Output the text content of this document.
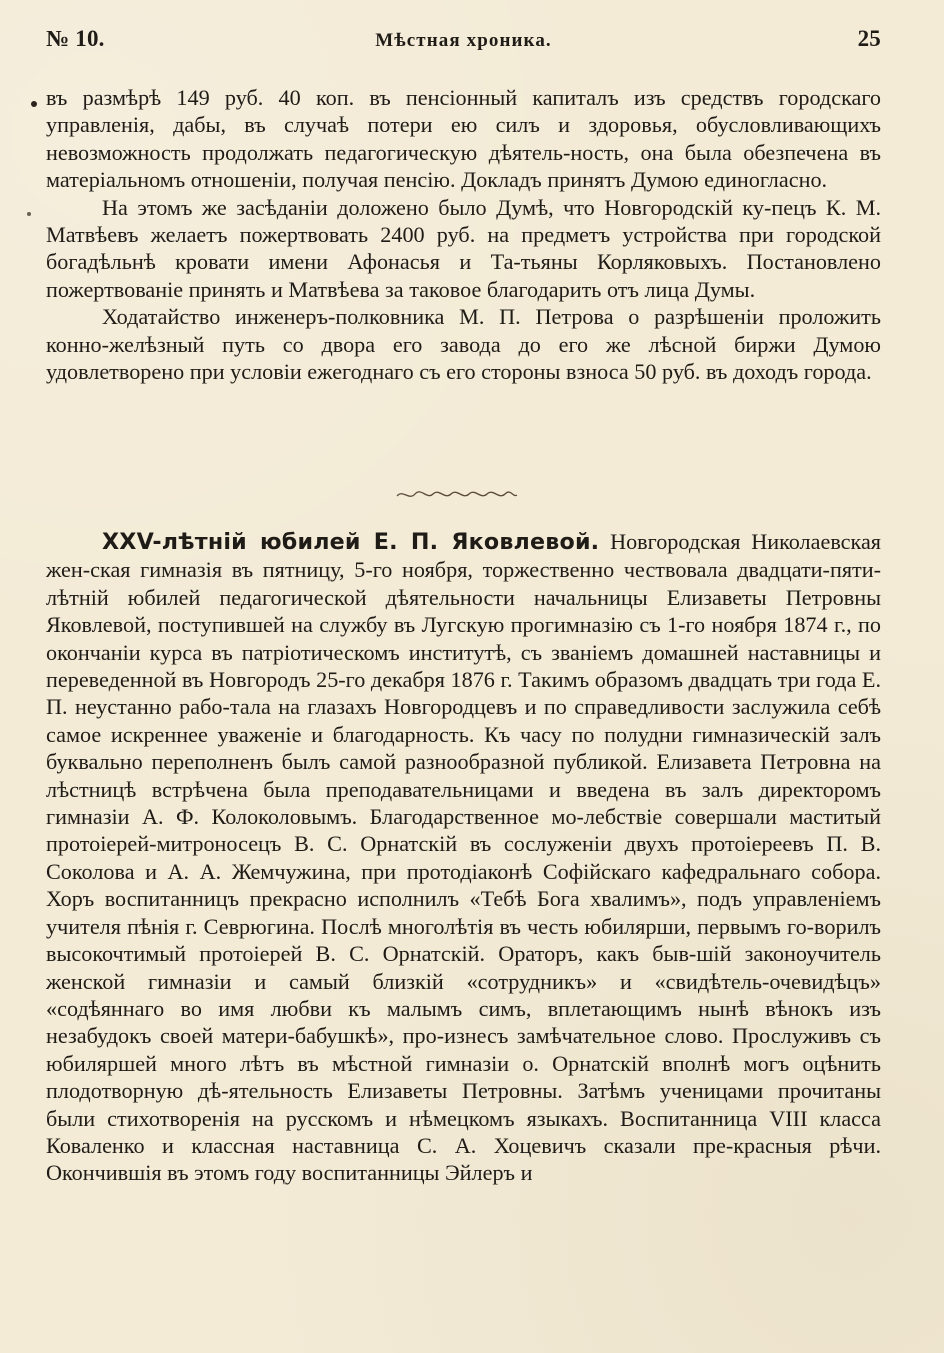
№ 10.	Мѣстная хроника.	25

въ размѣрѣ 149 руб. 40 коп. въ пенсіонный капиталъ изъ средствъ городскаго управленія, дабы, въ случаѣ потери ею силъ и здоровья, обусловливающихъ невозможность продолжать педагогическую дѣятель-ность, она была обезпечена въ матеріальномъ отношеніи, получая пенсію. Докладъ принятъ Думою единогласно.

На этомъ же засѣданіи доложено было Думѣ, что Новгородскій ку-пецъ К. М. Матвѣевъ желаетъ пожертвовать 2400 руб. на предметъ устройства при городской богадѣльнѣ кровати имени Афонасья и Та-тьяны Корляковыхъ. Постановлено пожертвованіе принять и Матвѣева за таковое благодарить отъ лица Думы.

Ходатайство инженеръ-полковника М. П. Петрова о разрѣшеніи проложить конно-желѣзный путь со двора его завода до его же лѣсной биржи Думою удовлетворено при условіи ежегоднаго съ его стороны взноса 50 руб. въ доходъ города.

XXV-лѣтній юбилей Е. П. Яковлевой. Новгородская Николаевская жен-ская гимназія въ пятницу, 5-го ноября, торжественно чествовала двадцати-пяти-лѣтній юбилей педагогической дѣятельности начальницы Елизаветы Петровны Яковлевой, поступившей на службу въ Лугскую прогимназію съ 1-го ноября 1874 г., по окончаніи курса въ патріотическомъ институтѣ, съ званіемъ домашней наставницы и переведенной въ Новгородъ 25-го декабря 1876 г. Такимъ образомъ двадцать три года Е. П. неустанно рабо-тала на глазахъ Новгородцевъ и по справедливости заслужила себѣ самое искреннее уваженіе и благодарность. Къ часу по полудни гимназическій залъ буквально переполненъ былъ самой разнообразной публикой. Елизавета Петровна на лѣстницѣ встрѣчена была преподавательницами и введена въ залъ директоромъ гимназіи А. Ф. Колоколовымъ. Благодарственное мо-лебствіе совершали маститый протоіерей-митроносецъ В. С. Орнатскій въ сослуженіи двухъ протоіереевъ П. В. Соколова и А. А. Жемчужина, при протодіаконѣ Софійскаго кафедральнаго собора. Хоръ воспитанницъ прекрасно исполнилъ «Тебѣ Бога хвалимъ», подъ управленіемъ учителя пѣнія г. Севрюгина. Послѣ многолѣтія въ честь юбилярши, первымъ го-ворилъ высокочтимый протоіерей В. С. Орнатскій. Ораторъ, какъ быв-шій законоучитель женской гимназіи и самый близкій «сотрудникъ» и «свидѣтель-очевидѣцъ» «содѣяннаго во имя любви къ малымъ симъ, вплетающимъ нынѣ вѣнокъ изъ незабудокъ своей матери-бабушкѣ», про-изнесъ замѣчательное слово. Прослуживъ съ юбиляршей много лѣтъ въ мѣстной гимназіи о. Орнатскій вполнѣ могъ оцѣнить плодотворную дѣ-ятельность Елизаветы Петровны. Затѣмъ ученицами прочитаны были стихотворенія на русскомъ и нѣмецкомъ языкахъ. Воспитанница VIII класса Коваленко и классная наставница С. А. Хоцевичъ сказали пре-красныя рѣчи. Окончившія въ этомъ году воспитанницы Эйлеръ и
